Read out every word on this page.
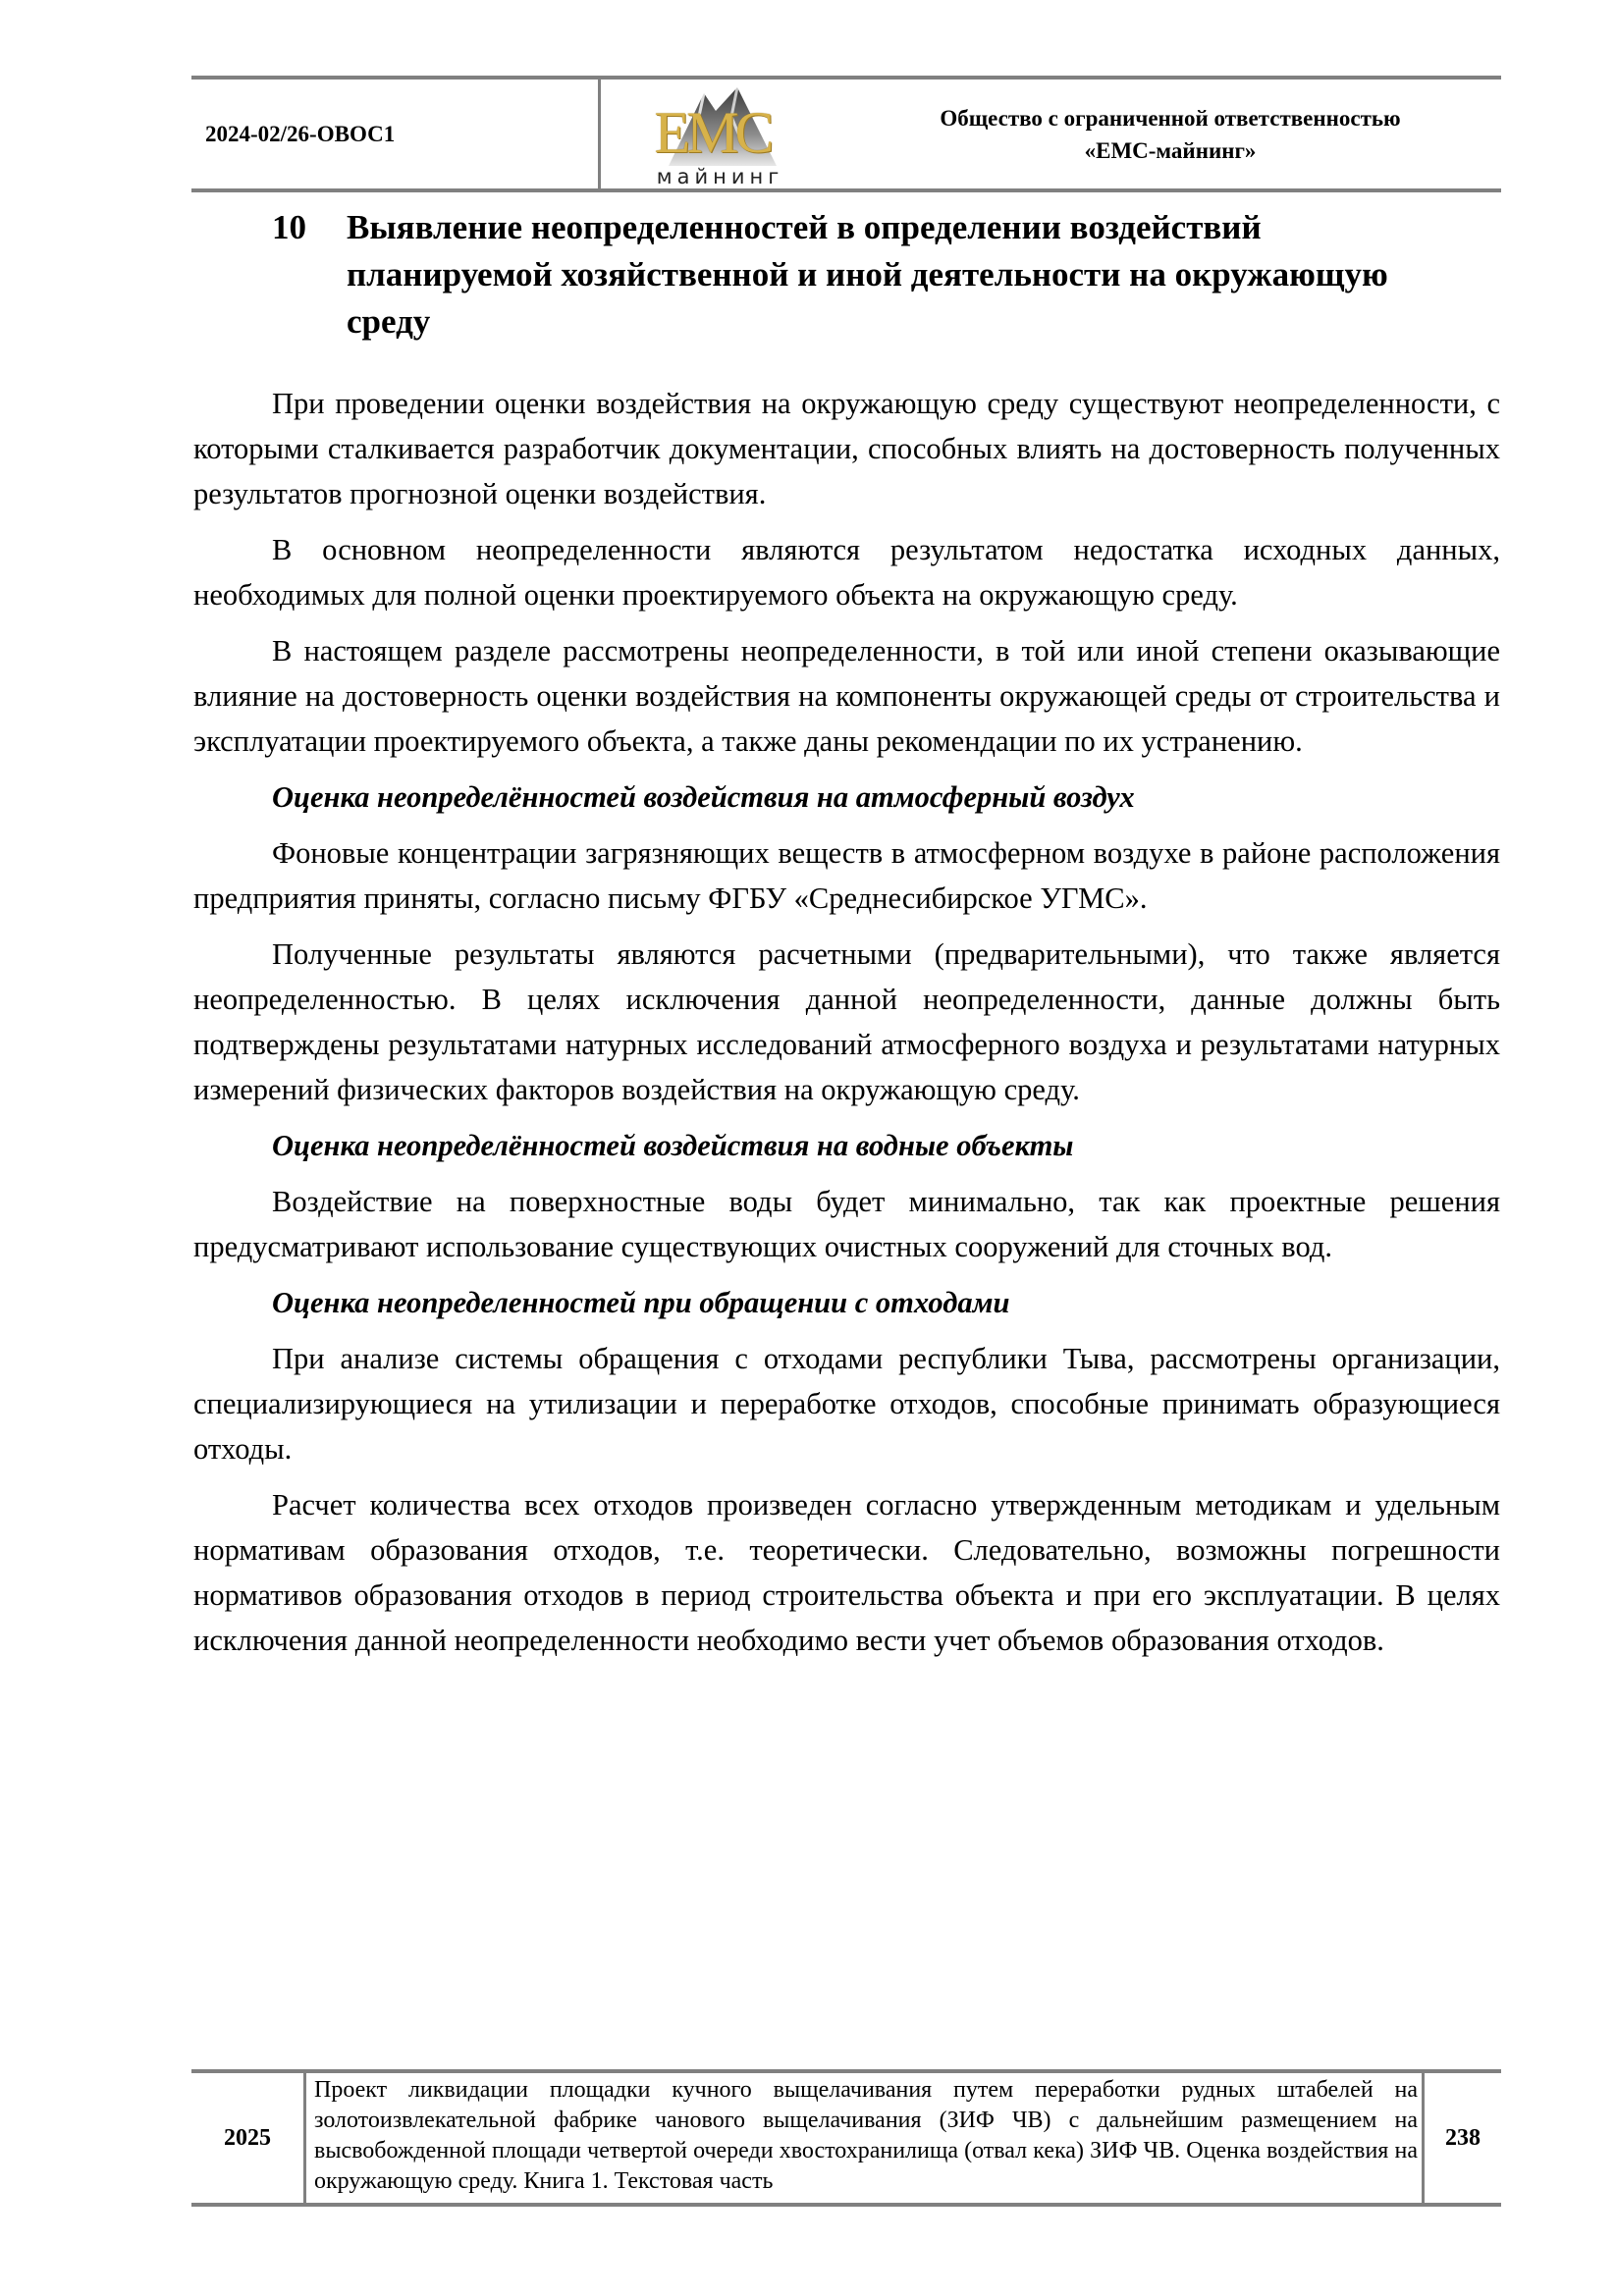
2024-02/26-ОВОС1	EMC
майнинг
Общество с ограниченной ответственностью
«ЕМС-майнинг»
10	Выявление неопределенностей в определении воздействий планируемой хозяйственной и иной деятельности на окружающую среду

При проведении оценки воздействия на окружающую среду существуют неопределенности, с которыми сталкивается разработчик документации, способных влиять на достоверность полученных результатов прогнозной оценки воздействия.

В основном неопределенности являются результатом недостатка исходных данных, необходимых для полной оценки проектируемого объекта на окружающую среду.

В настоящем разделе рассмотрены неопределенности, в той или иной степени оказывающие влияние на достоверность оценки воздействия на компоненты окружающей среды от строительства и эксплуатации проектируемого объекта, а также даны рекомендации по их устранению.

Оценка неопределённостей воздействия на атмосферный воздух

Фоновые концентрации загрязняющих веществ в атмосферном воздухе в районе расположения предприятия приняты, согласно письму ФГБУ «Среднесибирское УГМС».

Полученные результаты являются расчетными (предварительными), что также является неопределенностью. В целях исключения данной неопределенности, данные должны быть подтверждены результатами натурных исследований атмосферного воздуха и результатами натурных измерений физических факторов воздействия на окружающую среду.

Оценка неопределённостей воздействия на водные объекты

Воздействие на поверхностные воды будет минимально, так как проектные решения предусматривают использование существующих очистных сооружений для сточных вод.

Оценка неопределенностей при обращении с отходами

При анализе системы обращения с отходами республики Тыва, рассмотрены организации, специализирующиеся на утилизации и переработке отходов, способные принимать образующиеся отходы.

Расчет количества всех отходов произведен согласно утвержденным методикам и удельным нормативам образования отходов, т.е. теоретически. Следовательно, возможны погрешности нормативов образования отходов в период строительства объекта и при его эксплуатации. В целях исключения данной неопределенности необходимо вести учет объемов образования отходов.

2025
Проект ликвидации площадки кучного выщелачивания путем переработки рудных штабелей на золотоизвлекательной фабрике чанового выщелачивания (ЗИФ ЧВ) с дальнейшим размещением на высвобожденной площади четвертой очереди хвостохранилища (отвал кека) ЗИФ ЧВ. Оценка воздействия на окружающую среду. Книга 1. Текстовая часть
238
